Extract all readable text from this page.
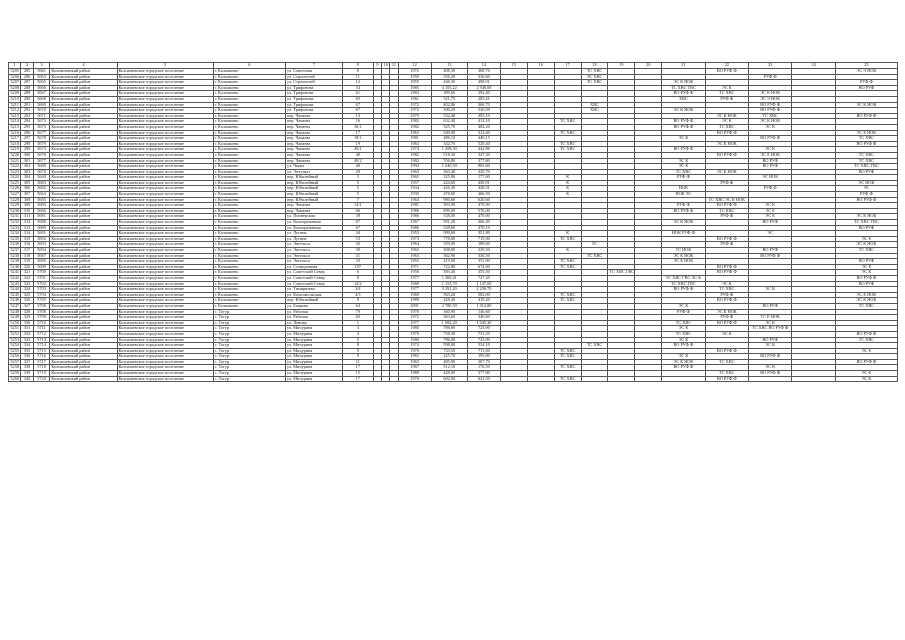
1	2	3	4	5	6	7	8	9	10	11	12	13	14	15	16	17	18	19	20	21	22	23	24	25
5205	285	5661	Колпашевский район	Колпашевское городское поселение	г. Колпашево	ул. Советская	8				1972	408,30	368,76				ТС ХВС				ВО РУФ Ф			ЭС Э НОК
5206	286	5663	Колпашевский район	Колпашевское городское поселение	г. Колпашево	ул. Строителей	11				1959	356,20	336,60				ЭС ХВС					РУФ Ф		
5207	287	5665	Колпашевский район	Колпашевское городское поселение	г. Колпашево	ул. Строителей	12				1955	446,30	498,91				ТС ХВС			ЭС К НОК				РУФ Ф
5208	288	5666	Колпашевский район	Колпашевское городское поселение	г. Колпашево	ул. Трифонова	54				1985	4 105,22	2 948,00							ТС ХВС ГВС	ЭС К			ВО РУФ
5209	289	5667	Колпашевский район	Колпашевское городское поселение	г. Колпашево	ул. Трифонова	61				1984	389,60	292,40							ВО РУФ Ф	ТС ХВС	ЭС К НОК		
5210	290	5668	Колпашевский район	Колпашевское городское поселение	г. Колпашево	ул. Трифонова	65				1961	521,75	283,41							ХВС	РУФ Ф	ЭС Э НОК		
5211	291	5669	Колпашевский район	Колпашевское городское поселение	г. Колпашево	ул. Трифонова	67				1972	402,86	366,70				ХВС					ВО РУФ Ф		ЭС К НОК
5212	292	5670	Колпашевский район	Колпашевское городское поселение	г. Колпашево	ул. Трифонова	67				1972	500,20	530,08				ХВС			ЭС К НОК		ВО РУФ Ф		
5213	293	5671	Колпашевский район	Колпашевское городское поселение	г. Колпашево	пер. Чапаева	14				1979	532,40	495,10								ЭС К НОК	ТС ХВС		ВО РУФ Ф
5214	294	5672	Колпашевский район	Колпашевское городское поселение	г. Колпашево	пер. Чапаева	16				1982	632,40	412,10			ТС ХВС				ВО РУФ Ф	ЭС К	ЭС К НОК		
5215	295	5673	Колпашевский район	Колпашевское городское поселение	г. Колпашево	пер. Чапаева	16/1				1982	525,70	484,20							ВО РУФ Ф	ТС ХВС	ЭС К		
5216	296	5677	Колпашевский район	Колпашевское городское поселение	г. Колпашево	пер. Чапаева	17				1963	340,00	322,60			ТС ХВС					ВО РУФ Ф			ЭС Е НОК
5217	297	5678	Колпашевский район	Колпашевское городское поселение	г. Колпашево	пер. Чапаева	18/1				1981	486,10	440,15							ЭС К		ВО РУФ Ф		ТС ХВС
5218	298	5679	Колпашевский район	Колпашевское городское поселение	г. Колпашево	пер. Чапаева	19				1963	542,70	520,40			ТС ХВС					ЭС К НОК			ВО РУФ Ф
5219	299	5675	Колпашевский район	Колпашевское городское поселение	г. Колпашево	пер. Чапаева	20/1				1974	1 208,30	442,86			ТС ХВС				ВО РУФ Ф		ЭС К		
5220	300	5676	Колпашевский район	Колпашевское городское поселение	г. Колпашево	пер. Чапаева	40				1982	518,30	347,30								ВО РУФ Ф	ЭС Е НОК		ТС ХВС
5221	301	5677	Колпашевский район	Колпашевское городское поселение	г. Колпашево	пер. Чапаева	40/2				1982	556,80	377,80							ЭС К		ВО РУФ		ТС ХВС
5222	302	5680	Колпашевский район	Колпашевское городское поселение	г. Колпашево	ул. Чкова	48				1994	1 240,50	865,60							ЭС К		ВО РУФ		ТС ХВС ГВС
5223	303	5670	Колпашевский район	Колпашевское городское поселение	г. Колпашево	ул. Энтузиаз	29				1963	363,40	320,70							ТС ХВС	ЭС К НОК			ВО РУФ
5224	304	5640	Колпашевский район	Колпашевское городское поселение	г. Колпашево	пер. Юбилейный	3				1965	325,90	177,60			К				РУФ Ф		ЭС НОК		
5225	305	5683	Колпашевский район	Колпашевское городское поселение	г. Колпашево	пер. Юбилейный	5				1957	424,60	456,91			К					РУФ Ф			ЭС НОК
5226	306	5682	Колпашевский район	Колпашевское городское поселение	г. Колпашево	пер. Юбилейный	5				1934	426,30	428,51			К				НОК		РУФ Ф		ЭС
5227	307	5663	Колпашевский район	Колпашевское городское поселение	г. Колпашево	пер. Юбилейный	5				1935	476,60	466,50			К				НОК ЭС				РУФ Ф
5228	308	5685	Колпашевский район	Колпашевское городское поселение	г. Колпашево	пер. Юбилейный	7				1964	980,60	620,60								ТС ХВС ЭС К НОК			ВО РУФ Ф
5229	309	5683	Колпашевский район	Колпашевское городское поселение	г. Колпашево	пер. Чапаева	14/1				1981	393,90	470,90							РУФ Ф	ВО РУФ Ф	ЭС К		
5230	310	5666	Колпашевский район	Колпашевское городское поселение	г. Колпашево	пер. Чапаева	06				1986	899,00	576,00							ВО РУФ Ф	ТС ХВС	ЭС Е		
5231	311	5681	Колпашевский район	Колпашевское городское поселение	г. Колпашево	ул. Пионерская	39				1986	538,00	470,00								РУФ Ф	ЭС Е		ЭС К НОК
5232	312	5686	Колпашевский район	Колпашевское городское поселение	г. Колпашево	ул. Кооперативная	67				1967	591,20	466,40							ЭС К НОК		ВО РУФ		ТС ХВС ГВС
5233	313	5689	Колпашевский район	Колпашевское городское поселение	г. Колпашево	ул. Кооперативная	67				1986	538,60	470,10											ВО РУФ
5234	314	5691	Колпашевский район	Колпашевское городское поселение	г. Колпашево	ул. Лугина	44				1953	999,60	351,80			К				НОК РУФ Ф		ЭС		
5235	315	5692	Колпашевский район	Колпашевское городское поселение	г. Колпашево	ул. Лугина	53				1973	778,80	715,90			ТС ХВС					ВО РУФ Ф			ЭС Е
5236	316	5693	Колпашевский район	Колпашевское городское поселение	г. Колпашево	ул. Энгельса	26				1964	359,00	188,60				ТС				РУФ Ф			ЭС К НОК
5237	317	5694	Колпашевский район	Колпашевское городское поселение	г. Колпашево	ул. Энгельса	30				1962	308,80	229,50			К				ТС НОК		ВО РУФ		ТС ХВС
5238	318	5687	Колпашевский район	Колпашевское городское поселение	г. Колпашево	ул. Энгельса	31				1963	362,90	336,50				ТС ХВС			ЭС К НОК		ВО РУФ Ф		
5239	319	5695	Колпашевский район	Колпашевское городское поселение	г. Колпашево	ул. Энгельса	33				1955	419,90	351,90			ТС ХВС				ЭС Е НОК				ВО РУФ
5240	320	5699	Колпашевский район	Колпашевское городское поселение	г. Колпашево	ул. Станционная	107				1971	722,80	674,00			ТС ХВС					ВО РУФ Ф			ЭС Е
5241	321	5700	Колпашевский район	Колпашевское городское поселение	г. Колпашево	ул. Советский Север	6				1956	393,40	355,50					ТС ХВС ГВС			ВО РУФ Ф			ЭС К
5242	322	5701	Колпашевский район	Колпашевское городское поселение	г. Колпашево	ул. Советский Север	8				1977	1 369,41	727,20							ТС ХВС ГВС ЭС К				ВО РУФ Ф
5243	323	5702	Колпашевский район	Колпашевское городское поселение	г. Колпашево	ул. Советский Север	14/2				1988	1 153,70	1 147,00							ТС ХВС ГВС	ЭС К			ВО РУФ
5244	324	5703	Колпашевский район	Колпашевское городское поселение	г. Колпашево	ул. Тимирязева	3/4				1977	3 291,20	2 236,70							ВО РУФ Ф	ТС ХВС	ЭС К		
5245	325	5704	Колпашевский район	Колпашевское городское поселение	г. Колпашево	ул. Комсомольская	4/3				1969	563,26	582,00			ТС ХВС					РУФ Ф			ЭС Е НОК
5246	326	5705	Колпашевский район	Колпашевское городское поселение	г. Колпашево	пер. Юбилейный	9				1989	428,40	419,20			ТС ХВС					ВО РУФ Ф			ЭС К НОК
5247	327	5706	Колпашевский район	Колпашевское городское поселение	г. Колпашево	ул. Боярова	64				2001	2 780,50	1 912,80							ЭС К		ВО РУФ		ТС ХВС
5248	328	5708	Колпашевский район	Колпашевское городское поселение	с. Тогур	ул. Рабочая	79				1970	360,90	146,60							РУФ Ф	ЭС К НОК			
5249	329	5709	Колпашевский район	Колпашевское городское поселение	с. Тогур	ул. Рабочая	82				1972	363,60	340,60								РУФ Ф	ТС Е НОК		
5250	330	5710	Колпашевский район	Колпашевское городское поселение	с. Тогур	ул. Ленина	1				1977	1 082,20	1 045,30							ТС ХВС	ВО РУФ Ф	ЭС К		
5251	331	5711	Колпашевский район	Колпашевское городское поселение	с. Тогур	ул. Мичурина	3				1980	786,60	723,90							ЭС К		ТС ХВС ВО РУФ Ф		
5252	332	5712	Колпашевский район	Колпашевское городское поселение	с. Тогур	ул. Мичурина	4				1976	758,30	731,50							ТС ХВС	ЭС К			ВО РУФ Ф
5253	333	5713	Колпашевский район	Колпашевское городское поселение	с. Тогур	ул. Мичурина	5				1980	786,00	723,90							ЭС К		ВО РУФ		ТС ХВС
5254	334	5714	Колпашевский район	Колпашевское городское поселение	с. Тогур	ул. Мичурина	8				1974	598,80	534,10				ТС ХВС			ВО РУФ Ф		ЭС К		
5255	335	5715	Колпашевский район	Колпашевское городское поселение	с. Тогур	ул. Мичурина	9				1970	733,50	711,60			ТС ХВС					ВО РУФ Ф			ЭС Е
5256	336	5716	Колпашевский район	Колпашевское городское поселение	с. Тогур	ул. Мичурина	9				1965	425,70	195,80			ТС ХВС				ЭС К		ВО РУФ Ф		
5257	337	5717	Колпашевский район	Колпашевское городское поселение	с. Тогур	ул. Мичурина	11				1963	485,90	307,70							ЭС К НОК	ТС ХВС			ВО РУФ Ф
5258	338	5718	Колпашевский район	Колпашевское городское поселение	с. Тогур	ул. Мичурина	17				1967	512,10	176,50			ТС ХВС				ВО РУФ Ф		ЭС К		
5259	339	5719	Колпашевский район	Колпашевское городское поселение	с. Тогур	ул. Мичурина	15				1988	428,00	377,80								ТС ХВС	ВО РУФ Ф		ЭС К
5260	340	5720	Колпашевский район	Колпашевское городское поселение	с. Тогур	ул. Мичурина	17				1970	602,00	641,50			ТС ХВС					ВО РУФ Ф			ЭС К
